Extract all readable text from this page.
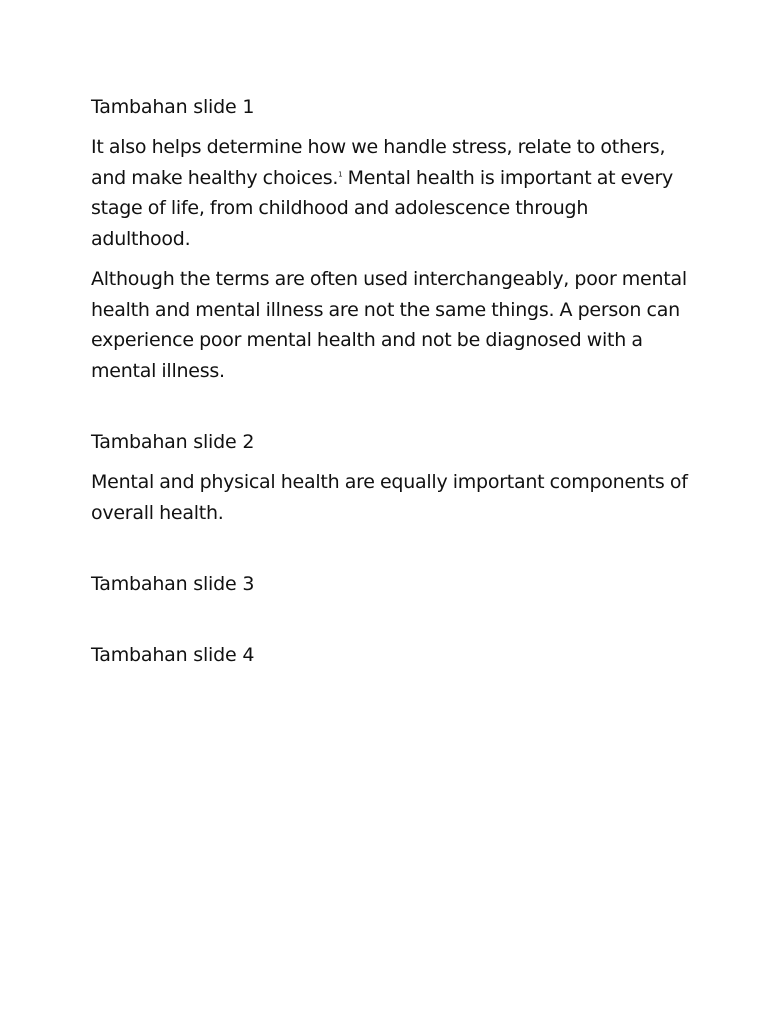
Tambahan slide 1

It also helps determine how we handle stress, relate to others, and make healthy choices.$^1$ Mental health is important at every stage of life, from childhood and adolescence through adulthood.

Although the terms are often used interchangeably, poor mental health and mental illness are not the same things. A person can experience poor mental health and not be diagnosed with a mental illness.

Tambahan slide 2

Mental and physical health are equally important components of overall health.

Tambahan slide 3
Tambahan slide 4
